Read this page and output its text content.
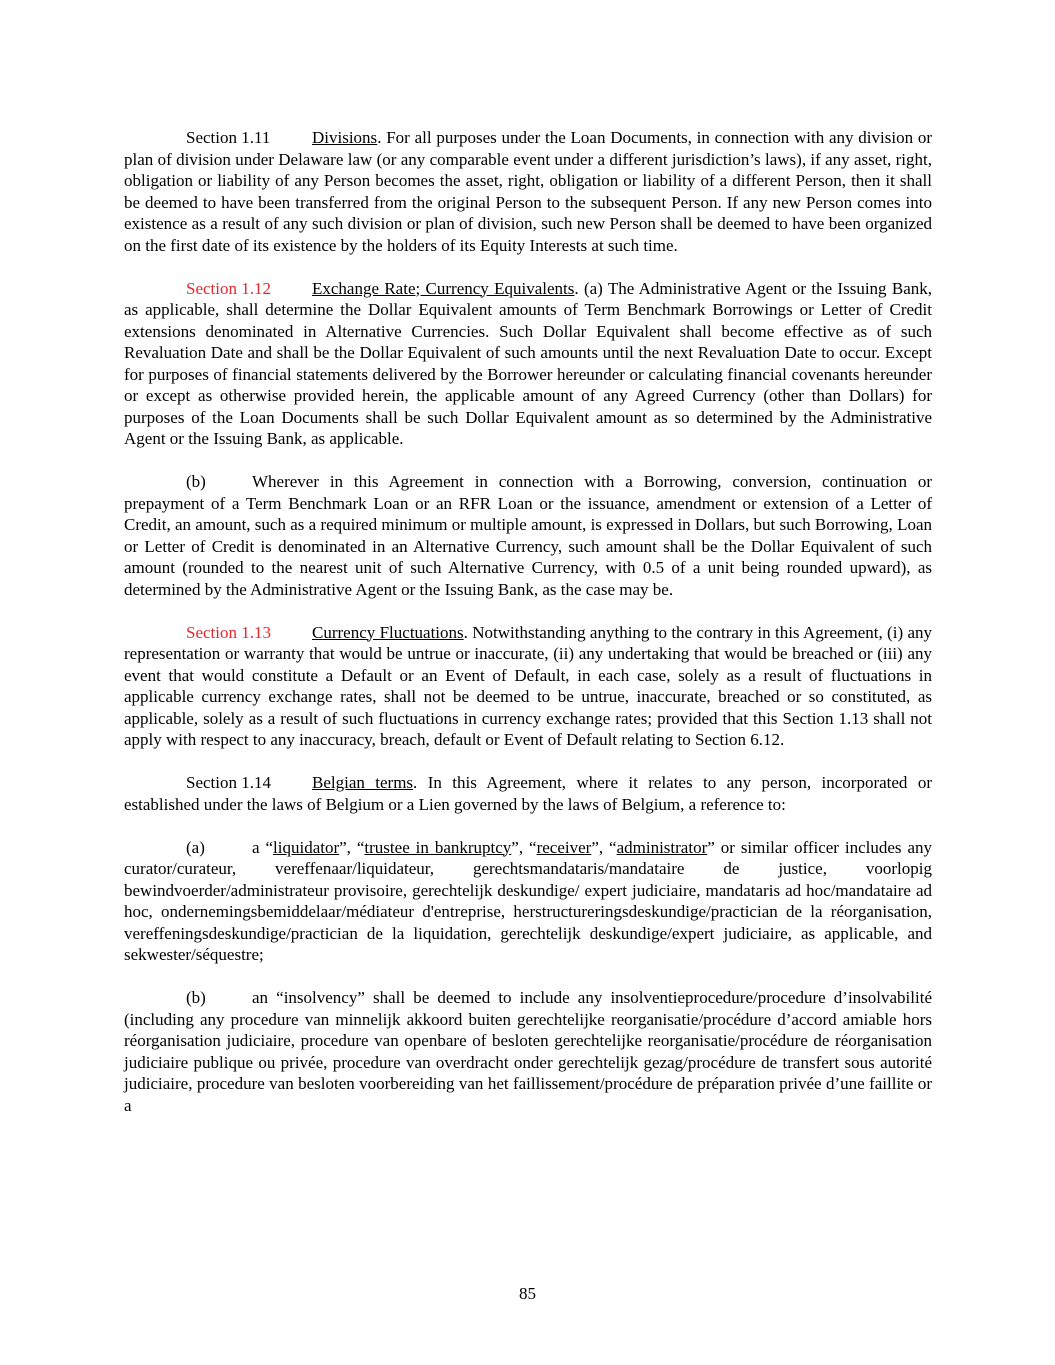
Section 1.11 Divisions. For all purposes under the Loan Documents, in connection with any division or plan of division under Delaware law (or any comparable event under a different jurisdiction’s laws), if any asset, right, obligation or liability of any Person becomes the asset, right, obligation or liability of a different Person, then it shall be deemed to have been transferred from the original Person to the subsequent Person. If any new Person comes into existence as a result of any such division or plan of division, such new Person shall be deemed to have been organized on the first date of its existence by the holders of its Equity Interests at such time.

Section 1.12 Exchange Rate; Currency Equivalents. (a) The Administrative Agent or the Issuing Bank, as applicable, shall determine the Dollar Equivalent amounts of Term Benchmark Borrowings or Letter of Credit extensions denominated in Alternative Currencies. Such Dollar Equivalent shall become effective as of such Revaluation Date and shall be the Dollar Equivalent of such amounts until the next Revaluation Date to occur. Except for purposes of financial statements delivered by the Borrower hereunder or calculating financial covenants hereunder or except as otherwise provided herein, the applicable amount of any Agreed Currency (other than Dollars) for purposes of the Loan Documents shall be such Dollar Equivalent amount as so determined by the Administrative Agent or the Issuing Bank, as applicable.

(b)	Wherever in this Agreement in connection with a Borrowing, conversion, continuation or prepayment of a Term Benchmark Loan or an RFR Loan or the issuance, amendment or extension of a Letter of Credit, an amount, such as a required minimum or multiple amount, is expressed in Dollars, but such Borrowing, Loan or Letter of Credit is denominated in an Alternative Currency, such amount shall be the Dollar Equivalent of such amount (rounded to the nearest unit of such Alternative Currency, with 0.5 of a unit being rounded upward), as determined by the Administrative Agent or the Issuing Bank, as the case may be.

Section 1.13 Currency Fluctuations. Notwithstanding anything to the contrary in this Agreement, (i) any representation or warranty that would be untrue or inaccurate, (ii) any undertaking that would be breached or (iii) any event that would constitute a Default or an Event of Default, in each case, solely as a result of fluctuations in applicable currency exchange rates, shall not be deemed to be untrue, inaccurate, breached or so constituted, as applicable, solely as a result of such fluctuations in currency exchange rates; provided that this Section 1.13 shall not apply with respect to any inaccuracy, breach, default or Event of Default relating to Section 6.12.

Section 1.14 Belgian terms. In this Agreement, where it relates to any person, incorporated or established under the laws of Belgium or a Lien governed by the laws of Belgium, a reference to:

(a)	a “liquidator”, “trustee in bankruptcy”, “receiver”, “administrator” or similar officer includes any curator/curateur, vereffenaar/liquidateur, gerechtsmandataris/mandataire de justice, voorlopig bewindvoerder/administrateur provisoire, gerechtelijk deskundige/ expert judiciaire, mandataris ad hoc/mandataire ad hoc, ondernemingsbemiddelaar/médiateur d'entreprise, herstructureringsdeskundige/practician de la réorganisation, vereffeningsdeskundige/practician de la liquidation, gerechtelijk deskundige/expert judiciaire, as applicable, and sekwester/séquestre;

(b)	an “insolvency” shall be deemed to include any insolventieprocedure/procedure d’insolvabilité (including any procedure van minnelijk akkoord buiten gerechtelijke reorganisatie/procédure d’accord amiable hors réorganisation judiciaire, procedure van openbare of besloten gerechtelijke reorganisatie/procédure de réorganisation judiciaire publique ou privée, procedure van overdracht onder gerechtelijk gezag/procédure de transfert sous autorité judiciaire, procedure van besloten voorbereiding van het faillissement/procédure de préparation privée d’une faillite or a

85
